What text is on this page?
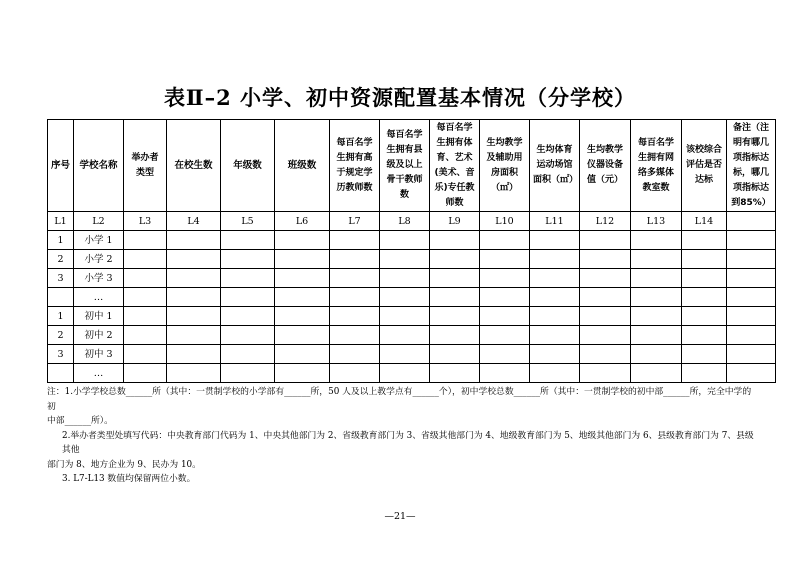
表Ⅱ–2 小学、初中资源配置基本情况（分学校）
序号	学校名称	举办者类型	在校生数	年级数	班级数	每百名学生拥有高于规定学历教师数	每百名学生拥有县级及以上骨干教师数	每百名学生拥有体育、艺术(美术、音乐)专任教师数	生均教学及辅助用房面积（㎡）	生均体育运动场馆面积（㎡）	生均教学仪器设备值（元）	每百名学生拥有网络多媒体教室数	该校综合评估是否达标	备注（注明有哪几项指标达标，哪几项指标达到85%）
L1	L2	L3	L4	L5	L6	L7	L8	L9	L10	L11	L12	L13	L14	
1	小学 1													
2	小学 2													
3	小学 3													
	…													
1	初中 1													
2	初中 2													
3	初中 3													
	…													

注：1.小学学校总数______所（其中：一贯制学校的小学部有______所，50 人及以上教学点有______个），初中学校总数______所（其中：一贯制学校的初中部______所，完全中学的初

中部______所）。

2.举办者类型处填写代码：中央教育部门代码为 1、中央其他部门为 2、省级教育部门为 3、省级其他部门为 4、地级教育部门为 5、地级其他部门为 6、县级教育部门为 7、县级其他

部门为 8、地方企业为 9、民办为 10。

3. L7-L13 数值均保留两位小数。

—21—
